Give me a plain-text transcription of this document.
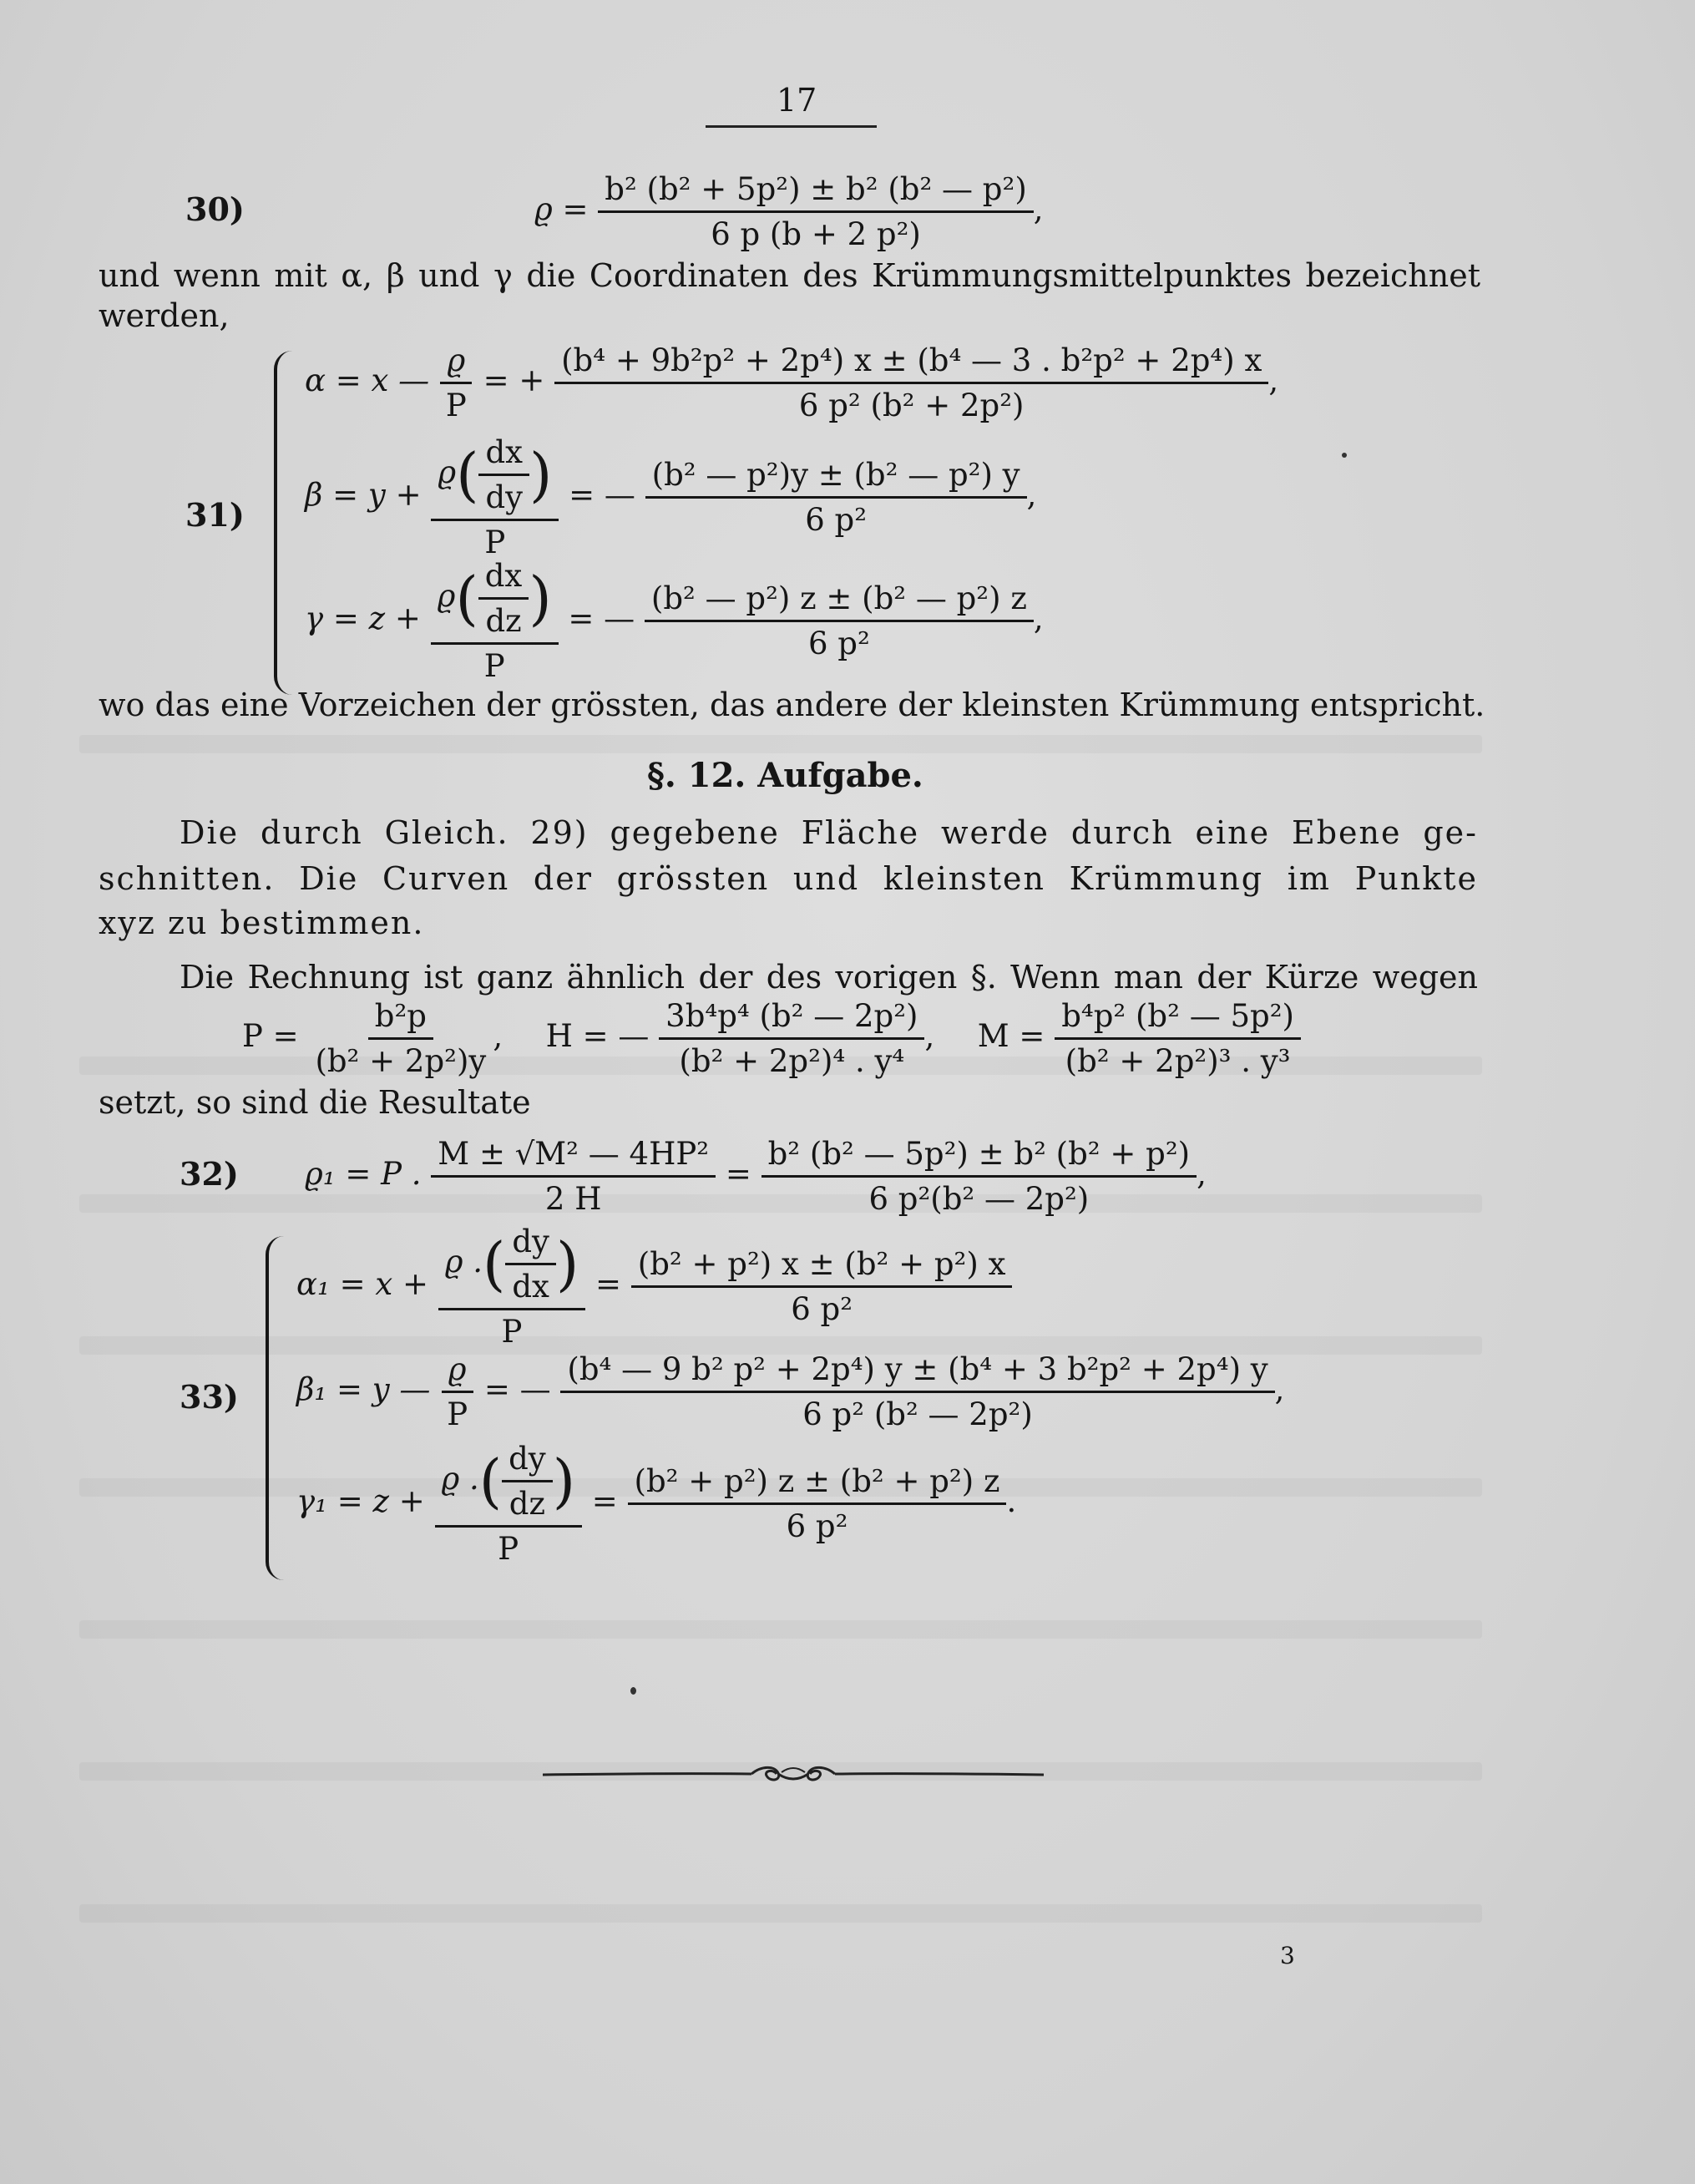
17
30)	$ϱ = \frac{\text{b² (b² + 5p²) ± b² (b² — p²)}}{\text{6 p (b + 2 p²)}}$ ,
und wenn mit α, β und γ die Coordinaten des Krümmungsmittelpunktes bezeichnet
werden,
31)
α = x — $\frac{ϱ}{P}$ = + $\frac{\text{(b⁴ + 9b²p² + 2p⁴) x ± (b⁴ — 3 . b²p² + 2p⁴) x}}{\text{6 p² (b² + 2p²)}}$ ,
$\beta = y + \frac{ϱ( \frac{dx}{dy} )}{P}$ = — $\frac{\text{(b² — p²)y ± (b² — p²) y}}{\text{6 p²}}$ ,
$\gamma = z + \frac{ϱ( \frac{dx}{dz} )}{P}$ = — $\frac{\text{(b² — p²) z ± (b² — p²) z}}{\text{6 p²}}$ ,
wo das eine Vorzeichen der grössten, das andere der kleinsten Krümmung entspricht.
§. 12. Aufgabe.
Die durch Gleich. 29) gegebene Fläche werde durch eine Ebene ge-
schnitten. Die Curven der grössten und kleinsten Krümmung im Punkte
xyz zu bestimmen.
Die Rechnung ist ganz ähnlich der des vorigen §. Wenn man der Kürze wegen
$P = \frac{\text{b²p}}{\text{(b² + 2p²)y}}$ , H = — $\frac{\text{3b⁴p⁴ (b² — 2p²)}}{\text{(b² + 2p²)⁴ . y⁴}}$ , $M = \frac{\text{b⁴p² (b² — 5p²)}}{\text{(b² + 2p²)³ . y³}}$
setzt, so sind die Resultate
32) ϱ₁ = P . $\frac{\text{M ± √M² — 4HP²}}{2 H} = \frac{\text{b² (b² — 5p²) ± b² (b² + p²)}}{\text{6 p²(b² — 2p²)}}$ ,
33)
$\alpha_1 = x + \frac{ϱ .( \frac{dy}{dx} )}{P} = \frac{\text{(b² + p²) x ± (b² + p²) x}}{\text{6 p²}}$
β₁ = y — $\frac{ϱ}{P}$ = — $\frac{\text{(b⁴ — 9 b² p² + 2p⁴) y ± (b⁴ + 3 b²p² + 2p⁴) y}}{\text{6 p² (b² — 2p²)}}$ ,
$\gamma_1 = z + \frac{ϱ .( \frac{dy}{dz} )}{P} = \frac{\text{(b² + p²) z ± (b² + p²) z}}{\text{6 p²}}$ .
3
